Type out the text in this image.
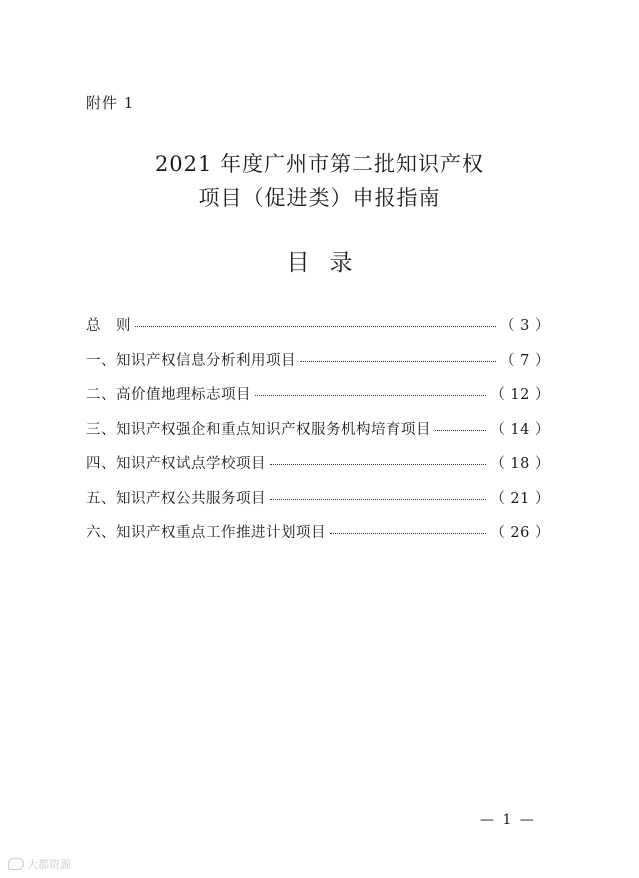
附件 1
2021 年度广州市第二批知识产权
项目（促进类）申报指南
目录
总　则	（ 3 ）
一、知识产权信息分析利用项目	（ 7 ）
二、高价值地理标志项目	（ 12 ）
三、知识产权强企和重点知识产权服务机构培育项目	（ 14 ）
四、知识产权试点学校项目	（ 18 ）
五、知识产权公共服务项目	（ 21 ）
六、知识产权重点工作推进计划项目	（ 26 ）
— 1 —
大都资源
